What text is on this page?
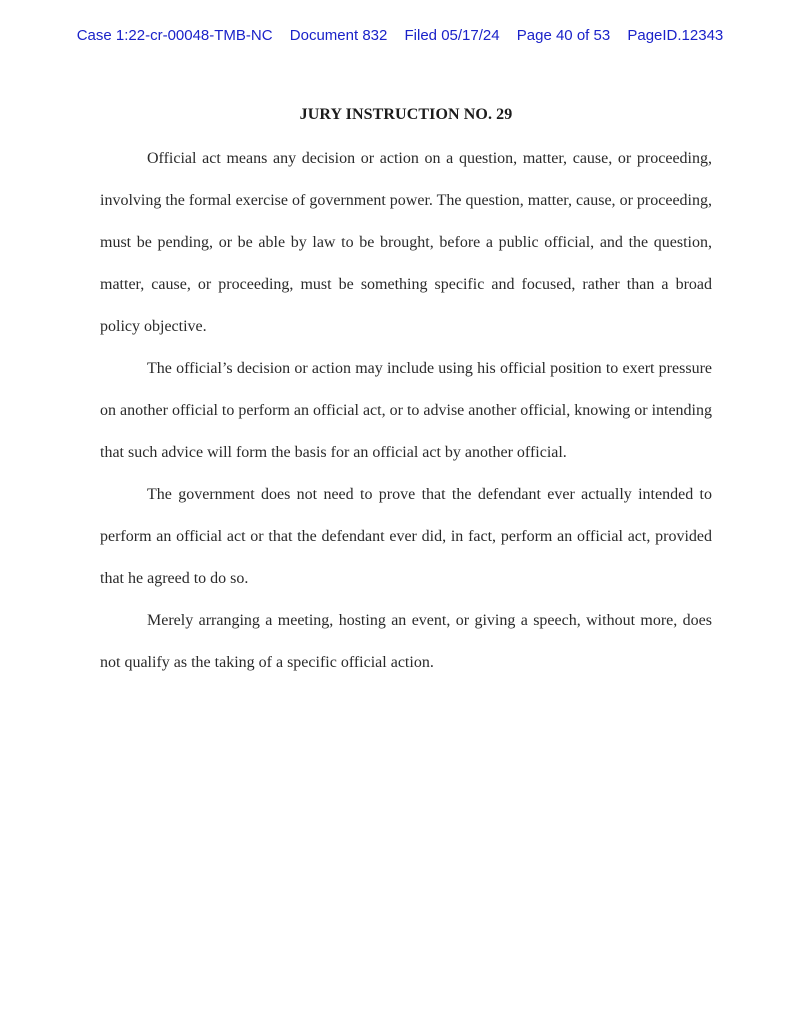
Case 1:22-cr-00048-TMB-NC Document 832 Filed 05/17/24 Page 40 of 53 PageID.12343
JURY INSTRUCTION NO. 29

Official act means any decision or action on a question, matter, cause, or proceeding, involving the formal exercise of government power. The question, matter, cause, or proceeding, must be pending, or be able by law to be brought, before a public official, and the question, matter, cause, or proceeding, must be something specific and focused, rather than a broad policy objective.

The official’s decision or action may include using his official position to exert pressure on another official to perform an official act, or to advise another official, knowing or intending that such advice will form the basis for an official act by another official.

The government does not need to prove that the defendant ever actually intended to perform an official act or that the defendant ever did, in fact, perform an official act, provided that he agreed to do so.

Merely arranging a meeting, hosting an event, or giving a speech, without more, does not qualify as the taking of a specific official action.
